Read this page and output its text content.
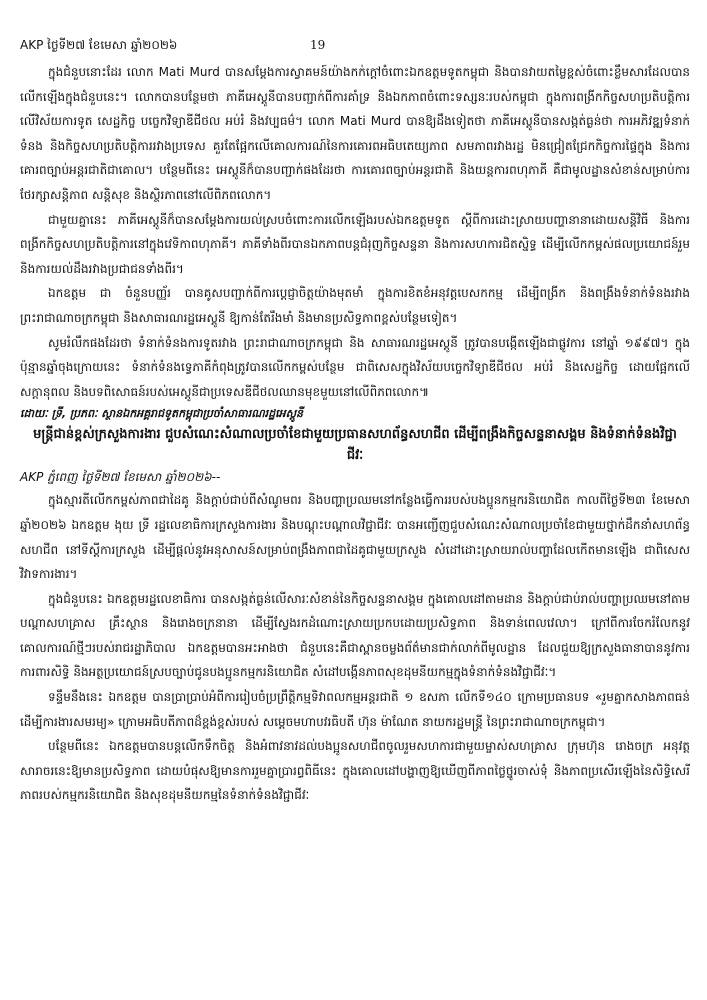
AKP ថ្ងៃទី២៧ ខែមេសា ឆ្នាំ២០២៦	19

ក្នុងជំនួបនោះដែរ លោក Mati Murd បានសម្ដែងការស្វាគមន៍យ៉ាងកក់ក្ដៅចំពោះឯកឧត្តមទូតកម្ពុជា និងបានវាយតម្លៃខ្ពស់ចំពោះខ្លឹមសារដែលបានលើកឡើងក្នុងជំនួបនេះ។ លោកបានបន្ថែមថា ភាគីអេស្តូនីបានបញ្ជាក់ពីការគាំទ្រ និងឯកភាពចំពោះទស្សនៈរបស់កម្ពុជា ក្នុងការពង្រីកកិច្ចសហប្រតិបត្តិការ លើវិស័យការទូត សេដ្ឋកិច្ច បច្ចេកវិទ្យាឌីជីថល អប់រំ និងវប្បធម៌។ លោក Mati Murd បានឱ្យដឹងទៀតថា ភាគីអេស្តូនីបានសង្កត់ធ្ងន់ថា ការអភិវឌ្ឍទំនាក់ទំនង និងកិច្ចសហប្រតិបត្តិការរវាងប្រទេស គួរតែផ្អែកលើគោលការណ៍នៃការគោរពអធិបតេយ្យភាព សមភាពរវាងរដ្ឋ មិនជ្រៀតជ្រែកកិច្ចការផ្ទៃក្នុង និងការគោរពច្បាប់អន្តរជាតិជាគោល។ បន្ថែមពីនេះ អេស្តូនីក៏បានបញ្ជាក់ផងដែរថា ការគោរពច្បាប់អន្តរជាតិ និងយន្តការពហុភាគី គឺជាមូលដ្ឋានសំខាន់សម្រាប់ការថែរក្សាសន្តិភាព សន្តិសុខ និងស្ថិរភាពនៅលើពិភពលោក។

ជាមួយគ្នានេះ ភាគីអេស្តូនីក៏បានសម្ដែងការយល់ស្របចំពោះការលើកឡើងរបស់ឯកឧត្តមទូត ស្ដីពីការដោះស្រាយបញ្ហានានាដោយសន្តិវិធី និងការពង្រីកកិច្ចសហប្រតិបត្តិការនៅក្នុងវេទិកាពហុភាគី។ ភាគីទាំងពីរបានឯកភាពបន្តជំរុញកិច្ចសន្ទនា និងការសហការជិតស្និទ្ធ ដើម្បីលើកកម្ពស់ផលប្រយោជន៍រួម និងការយល់ដឹងរវាងប្រជាជនទាំងពីរ។

ឯកឧត្តម ជា ចំនួនបញ្ញ័រ បានគូសបញ្ជាក់ពីការប្ដេជ្ញាចិត្តយ៉ាងមុតមាំ ក្នុងការខិតខំអនុវត្តបេសកកម្ម ដើម្បីពង្រីក និងពង្រឹងទំនាក់ទំនងរវាងព្រះរាជាណាចក្រកម្ពុជា និងសាធារណរដ្ឋអេស្តូនី ឱ្យកាន់តែរឹងមាំ និងមានប្រសិទ្ធភាពខ្ពស់បន្ថែមទៀត។

សូមរំលឹកផងដែរថា ទំនាក់ទំនងការទូតរវាង ព្រះរាជាណាចក្រកម្ពុជា និង សាធារណរដ្ឋអេស្តូនី ត្រូវបានបង្កើតឡើងជាផ្លូវការ នៅឆ្នាំ ១៩៩៧។ ក្នុងប៉ុន្មានឆ្នាំចុងក្រោយនេះ ទំនាក់ទំនងទ្វេភាគីកំពុងត្រូវបានលើកកម្ពស់បន្ថែម ជាពិសេសក្នុងវិស័យបច្ចេកវិទ្យាឌីជីថល អប់រំ និងសេដ្ឋកិច្ច ដោយផ្អែកលើសក្ដានុពល និងបទពិសោធន៍របស់អេស្តូនីជាប្រទេសឌីជីថលឈានមុខមួយនៅលើពិភពលោក៕

ដោយៈ ទ្រី, ប្រភពៈ ស្ថានឯកអគ្គរាជទូតកម្ពុជាប្រចាំសាធារណរដ្ឋអេស្តូនី

មន្ត្រីជាន់ខ្ពស់ក្រសួងការងារ ជួបសំណេះសំណាលប្រចាំខែជាមួយប្រធានសហព័ន្ធសហជីព ដើម្បីពង្រឹងកិច្ចសន្ទនាសង្គម និងទំនាក់ទំនងវិជ្ជាជីវៈ

AKP ភ្នំពេញ ថ្ងៃទី២៧ ខែមេសា ឆ្នាំ២០២៦--

ក្នុងស្មារតីលើកកម្ពស់ភាពជាដៃគូ និងក្ដាប់ជាប់ពីសំណូមពរ និងបញ្ហាប្រឈមនៅកន្លែងធ្វើការរបស់បងប្អូនកម្មករនិយោជិត កាលពីថ្ងៃទី២៣ ខែមេសា ឆ្នាំ២០២៦ ឯកឧត្តម ងុយ ទ្រី រដ្ឋលេខាធិការក្រសួងការងារ និងបណ្ដុះបណ្ដាលវិជ្ជាជីវៈ បានអញ្ជើញជួបសំណេះសំណាលប្រចាំខែជាមួយថ្នាក់ដឹកនាំសហព័ន្ធសហជីព នៅទីស្ដីការក្រសួង ដើម្បីផ្ដល់នូវអនុសាសន៍សម្រាប់ពង្រឹងភាពជាដៃគូជាមួយក្រសួង សំដៅដោះស្រាយរាល់បញ្ហាដែលកើតមានឡើង ជាពិសេសវិវាទការងារ។

ក្នុងជំនួបនេះ ឯកឧត្តមរដ្ឋលេខាធិការ បានសង្កត់ធ្ងន់លើសារៈសំខាន់នៃកិច្ចសន្ទនាសង្គម ក្នុងគោលដៅតាមដាន និងក្ដាប់ជាប់រាល់បញ្ហាប្រឈមនៅតាមបណ្ដាសហគ្រាស គ្រឹះស្ថាន និងរោងចក្រនានា ដើម្បីស្វែងរកដំណោះស្រាយប្រកបដោយប្រសិទ្ធភាព និងទាន់ពេលវេលា។ ក្រៅពីការចែករំលែកនូវគោលការណ៍ថ្មីៗរបស់រាជរដ្ឋាភិបាល ឯកឧត្តមបានអះអាងថា ជំនួបនេះគឺជាស្ពានចម្លងព័ត៌មានជាក់លាក់ពីមូលដ្ឋាន ដែលជួយឱ្យក្រសួងធានាបាននូវការការពារសិទ្ធិ និងអត្ថប្រយោជន៍ស្របច្បាប់ជូនបងប្អូនកម្មករនិយោជិត សំដៅបង្កើនភាពសុខដុមនីយកម្មក្នុងទំនាក់ទំនងវិជ្ជាជីវៈ។

ទន្ទឹមនឹងនេះ ឯកឧត្តម បានប្រាប្រាប់អំពីការរៀបចំប្រព្រឹត្តិកម្មទិវាពលកម្មអន្តរជាតិ ១ ឧសភា លើកទី១៤០ ក្រោមប្រធានបទ «រួមគ្នាកសាងភាពធន់ដើម្បីការងារសមរម្យ» ក្រោមអធិបតីភាពដ៏ខ្ពង់ខ្ពស់របស់ សម្ដេចមហាបវរធិបតី ហ៊ុន ម៉ាណែត នាយករដ្ឋមន្ត្រី នៃព្រះរាជាណាចក្រកម្ពុជា។

បន្ថែមពីនេះ ឯកឧត្តមបានបន្តលើកទឹកចិត្ត និងអំពាវនាវដល់បងប្អូនសហជីពចូលរួមសហការជាមួយម្ចាស់សហគ្រាស ក្រុមហ៊ុន រោងចក្រ អនុវត្តសារាចរនេះឱ្យមានប្រសិទ្ធភាព ដោយបំផុសឱ្យមានការរួមគ្នាប្រារព្ធពិធីនេះ ក្នុងគោលដៅបង្ហាញឱ្យឃើញពីភាពថ្លៃថ្នូរចាស់ទុំ និងភាពប្រសើរឡើងនៃសិទ្ធិសេរីភាពរបស់កម្មករនិយោជិត និងសុខដុមនីយកម្មនៃទំនាក់ទំនងវិជ្ជាជីវៈ
